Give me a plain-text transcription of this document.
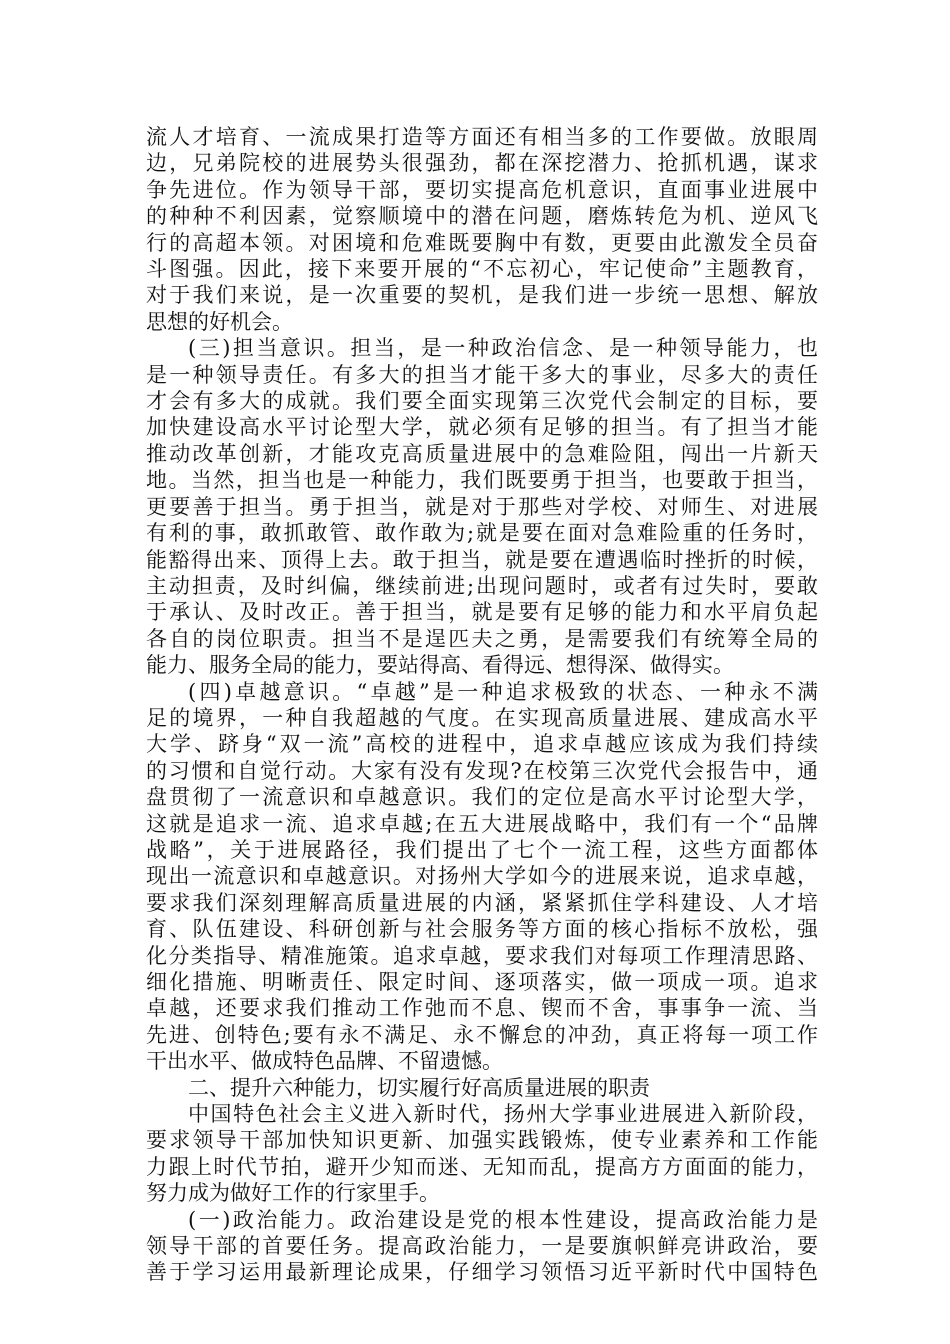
流人才培育、一流成果打造等方面还有相当多的工作要做。放眼周
边，兄弟院校的进展势头很强劲，都在深挖潜力、抢抓机遇，谋求
争先进位。作为领导干部，要切实提高危机意识，直面事业进展中
的种种不利因素，觉察顺境中的潜在问题，磨炼转危为机、逆风飞
行的高超本领。对困境和危难既要胸中有数，更要由此激发全员奋
斗图强。因此，接下来要开展的“不忘初心，牢记使命”主题教育，
对于我们来说，是一次重要的契机，是我们进一步统一思想、解放
思想的好机会。
(三)担当意识。担当，是一种政治信念、是一种领导能力，也
是一种领导责任。有多大的担当才能干多大的事业，尽多大的责任
才会有多大的成就。我们要全面实现第三次党代会制定的目标，要
加快建设高水平讨论型大学，就必须有足够的担当。有了担当才能
推动改革创新，才能攻克高质量进展中的急难险阻，闯出一片新天
地。当然，担当也是一种能力，我们既要勇于担当，也要敢于担当，
更要善于担当。勇于担当，就是对于那些对学校、对师生、对进展
有利的事，敢抓敢管、敢作敢为;就是要在面对急难险重的任务时，
能豁得出来、顶得上去。敢于担当，就是要在遭遇临时挫折的时候，
主动担责，及时纠偏，继续前进;出现问题时，或者有过失时，要敢
于承认、及时改正。善于担当，就是要有足够的能力和水平肩负起
各自的岗位职责。担当不是逞匹夫之勇，是需要我们有统筹全局的
能力、服务全局的能力，要站得高、看得远、想得深、做得实。
(四)卓越意识。“卓越”是一种追求极致的状态、一种永不满
足的境界，一种自我超越的气度。在实现高质量进展、建成高水平
大学、跻身“双一流”高校的进程中，追求卓越应该成为我们持续
的习惯和自觉行动。大家有没有发现?在校第三次党代会报告中，通
盘贯彻了一流意识和卓越意识。我们的定位是高水平讨论型大学，
这就是追求一流、追求卓越;在五大进展战略中，我们有一个“品牌
战略”，关于进展路径，我们提出了七个一流工程，这些方面都体
现出一流意识和卓越意识。对扬州大学如今的进展来说，追求卓越，
要求我们深刻理解高质量进展的内涵，紧紧抓住学科建设、人才培
育、队伍建设、科研创新与社会服务等方面的核心指标不放松，强
化分类指导、精准施策。追求卓越，要求我们对每项工作理清思路、
细化措施、明晰责任、限定时间、逐项落实，做一项成一项。追求
卓越，还要求我们推动工作弛而不息、锲而不舍，事事争一流、当
先进、创特色;要有永不满足、永不懈怠的冲劲，真正将每一项工作
干出水平、做成特色品牌、不留遗憾。
二、提升六种能力，切实履行好高质量进展的职责
中国特色社会主义进入新时代，扬州大学事业进展进入新阶段，
要求领导干部加快知识更新、加强实践锻炼，使专业素养和工作能
力跟上时代节拍，避开少知而迷、无知而乱，提高方方面面的能力，
努力成为做好工作的行家里手。
(一)政治能力。政治建设是党的根本性建设，提高政治能力是
领导干部的首要任务。提高政治能力，一是要旗帜鲜亮讲政治，要
善于学习运用最新理论成果，仔细学习领悟习近平新时代中国特色
